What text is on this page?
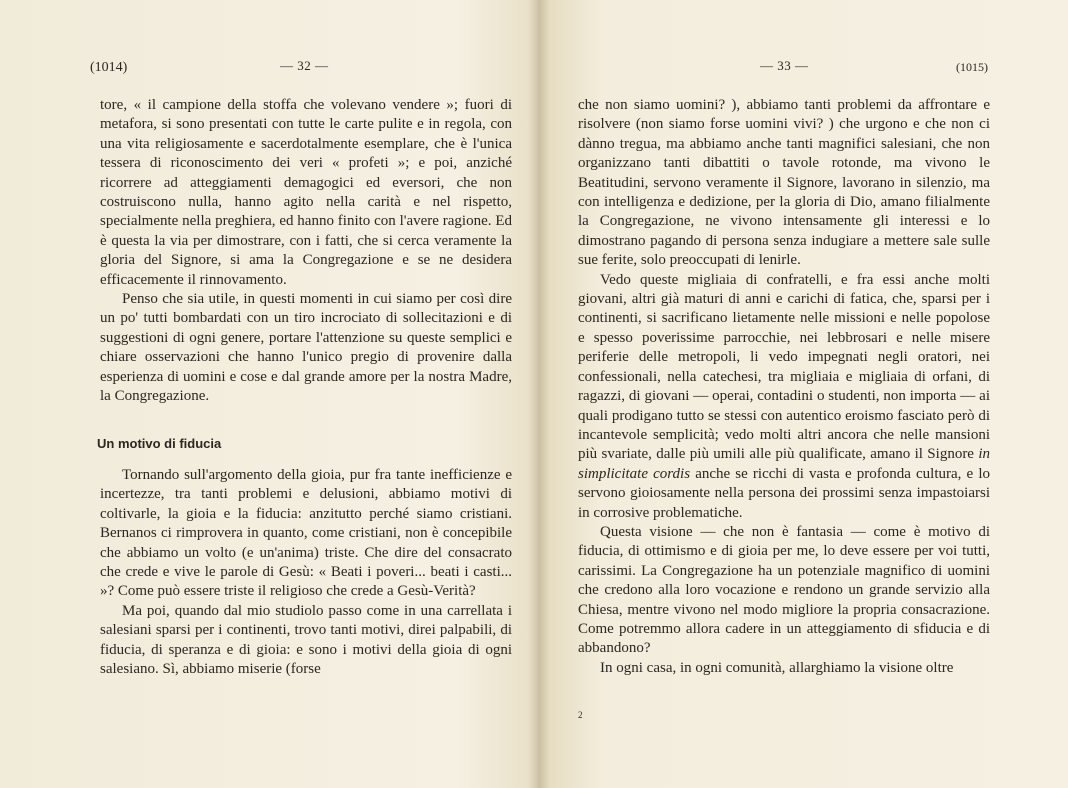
(1014)	— 32 —

tore, « il campione della stoffa che volevano vendere »; fuori di metafora, si sono presentati con tutte le carte pulite e in regola, con una vita religiosamente e sacerdotalmente esemplare, che è l'unica tessera di riconoscimento dei veri « profeti »; e poi, anziché ricorrere ad atteggiamenti demagogici ed eversori, che non costruiscono nulla, hanno agito nella carità e nel rispetto, specialmente nella preghiera, ed hanno finito con l'avere ragione. Ed è questa la via per dimostrare, con i fatti, che si cerca veramente la gloria del Signore, si ama la Congregazione e se ne desidera efficacemente il rinnovamento.

Penso che sia utile, in questi momenti in cui siamo per così dire un po' tutti bombardati con un tiro incrociato di sollecitazioni e di suggestioni di ogni genere, portare l'attenzione su queste semplici e chiare osservazioni che hanno l'unico pregio di provenire dalla esperienza di uomini e cose e dal grande amore per la nostra Madre, la Congregazione.

Un motivo di fiducia

Tornando sull'argomento della gioia, pur fra tante inefficienze e incertezze, tra tanti problemi e delusioni, abbiamo motivi di coltivarle, la gioia e la fiducia: anzitutto perché siamo cristiani. Bernanos ci rimprovera in quanto, come cristiani, non è concepibile che abbiamo un volto (e un'anima) triste. Che dire del consacrato che crede e vive le parole di Gesù: « Beati i poveri... beati i casti... »? Come può essere triste il religioso che crede a Gesù-Verità?

Ma poi, quando dal mio studiolo passo come in una carrellata i salesiani sparsi per i continenti, trovo tanti motivi, direi palpabili, di fiducia, di speranza e di gioia: e sono i motivi della gioia di ogni salesiano. Sì, abbiamo miserie (forse

— 33 —	(1015)

che non siamo uomini? ), abbiamo tanti problemi da affrontare e risolvere (non siamo forse uomini vivi? ) che urgono e che non ci dànno tregua, ma abbiamo anche tanti magnifici salesiani, che non organizzano tanti dibattiti o tavole rotonde, ma vivono le Beatitudini, servono veramente il Signore, lavorano in silenzio, ma con intelligenza e dedizione, per la gloria di Dio, amano filialmente la Congregazione, ne vivono intensamente gli interessi e lo dimostrano pagando di persona senza indugiare a mettere sale sulle sue ferite, solo preoccupati di lenirle.

Vedo queste migliaia di confratelli, e fra essi anche molti giovani, altri già maturi di anni e carichi di fatica, che, sparsi per i continenti, si sacrificano lietamente nelle missioni e nelle popolose e spesso poverissime parrocchie, nei lebbrosari e nelle misere periferie delle metropoli, li vedo impegnati negli oratori, nei confessionali, nella catechesi, tra migliaia e migliaia di orfani, di ragazzi, di giovani — operai, contadini o studenti, non importa — ai quali prodigano tutto se stessi con autentico eroismo fasciato però di incantevole semplicità; vedo molti altri ancora che nelle mansioni più svariate, dalle più umili alle più qualificate, amano il Signore in simplicitate cordis anche se ricchi di vasta e profonda cultura, e lo servono gioiosamente nella persona dei prossimi senza impastoiarsi in corrosive problematiche.

Questa visione — che non è fantasia — come è motivo di fiducia, di ottimismo e di gioia per me, lo deve essere per voi tutti, carissimi. La Congregazione ha un potenziale magnifico di uomini che credono alla loro vocazione e rendono un grande servizio alla Chiesa, mentre vivono nel modo migliore la propria consacrazione. Come potremmo allora cadere in un atteggiamento di sfiducia e di abbandono?

In ogni casa, in ogni comunità, allarghiamo la visione oltre

2
